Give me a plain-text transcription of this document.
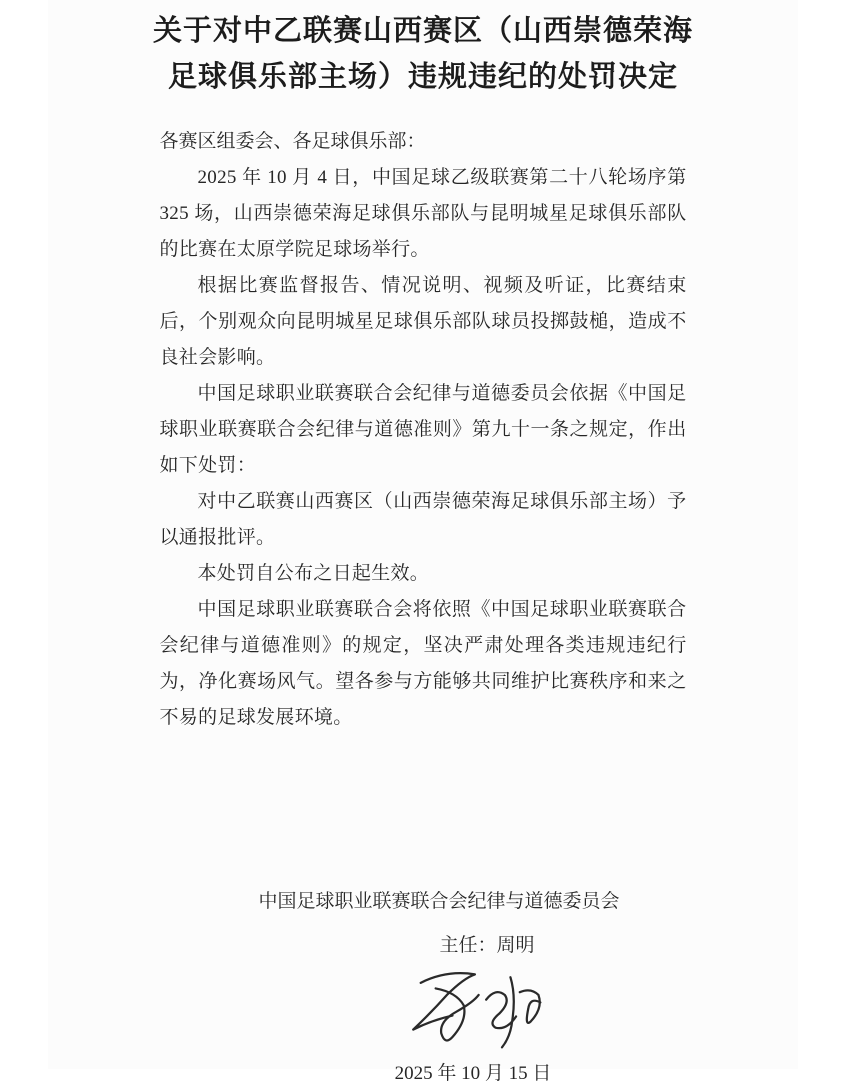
关于对中乙联赛山西赛区（山西崇德荣海
足球俱乐部主场）违规违纪的处罚决定
各赛区组委会、各足球俱乐部：

2025 年 10 月 4 日，中国足球乙级联赛第二十八轮场序第 325 场，山西崇德荣海足球俱乐部队与昆明城星足球俱乐部队的比赛在太原学院足球场举行。

根据比赛监督报告、情况说明、视频及听证，比赛结束后，个别观众向昆明城星足球俱乐部队球员投掷鼓槌，造成不良社会影响。

中国足球职业联赛联合会纪律与道德委员会依据《中国足球职业联赛联合会纪律与道德准则》第九十一条之规定，作出如下处罚：

对中乙联赛山西赛区（山西崇德荣海足球俱乐部主场）予以通报批评。

本处罚自公布之日起生效。

中国足球职业联赛联合会将依照《中国足球职业联赛联合会纪律与道德准则》的规定，坚决严肃处理各类违规违纪行为，净化赛场风气。望各参与方能够共同维护比赛秩序和来之不易的足球发展环境。

中国足球职业联赛联合会纪律与道德委员会
主任：周明
2025 年 10 月 15 日
